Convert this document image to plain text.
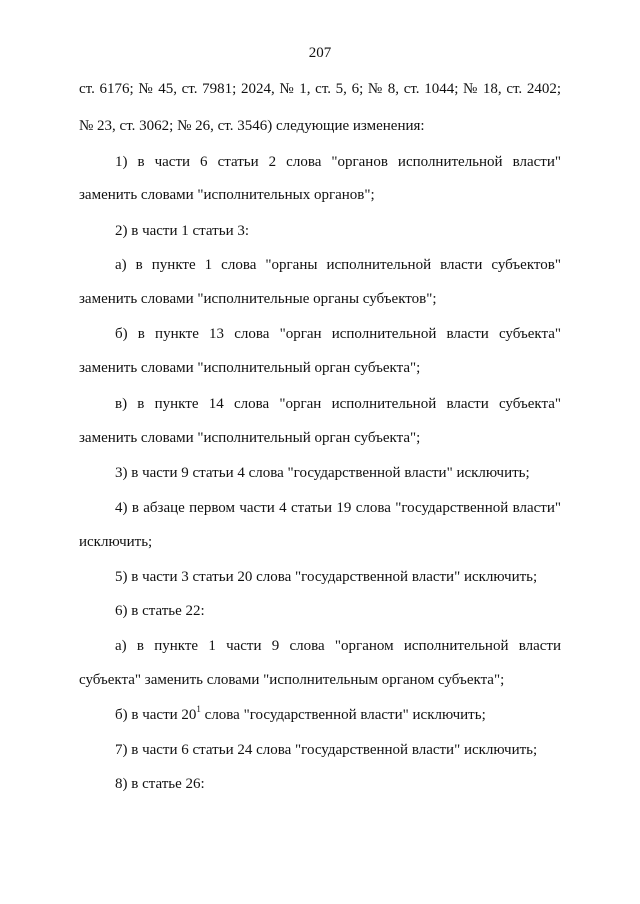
207
ст. 6176; № 45, ст. 7981; 2024, № 1, ст. 5, 6; № 8, ст. 1044; № 18, ст. 2402;
№ 23, ст. 3062; № 26, ст. 3546) следующие изменения:
1) в части 6 статьи 2 слова "органов исполнительной власти"
заменить словами "исполнительных органов";
2) в части 1 статьи 3:
а) в пункте 1 слова "органы исполнительной власти субъектов"
заменить словами "исполнительные органы субъектов";
б) в пункте 13 слова "орган исполнительной власти субъекта"
заменить словами "исполнительный орган субъекта";
в) в пункте 14 слова "орган исполнительной власти субъекта"
заменить словами "исполнительный орган субъекта";
3) в части 9 статьи 4 слова "государственной власти" исключить;
4) в абзаце первом части 4 статьи 19 слова "государственной власти"
исключить;
5) в части 3 статьи 20 слова "государственной власти" исключить;
6) в статье 22:
а) в пункте 1 части 9 слова "органом исполнительной власти
субъекта" заменить словами "исполнительным органом субъекта";
б) в части $20^1$ слова "государственной власти" исключить;
7) в части 6 статьи 24 слова "государственной власти" исключить;
8) в статье 26:
